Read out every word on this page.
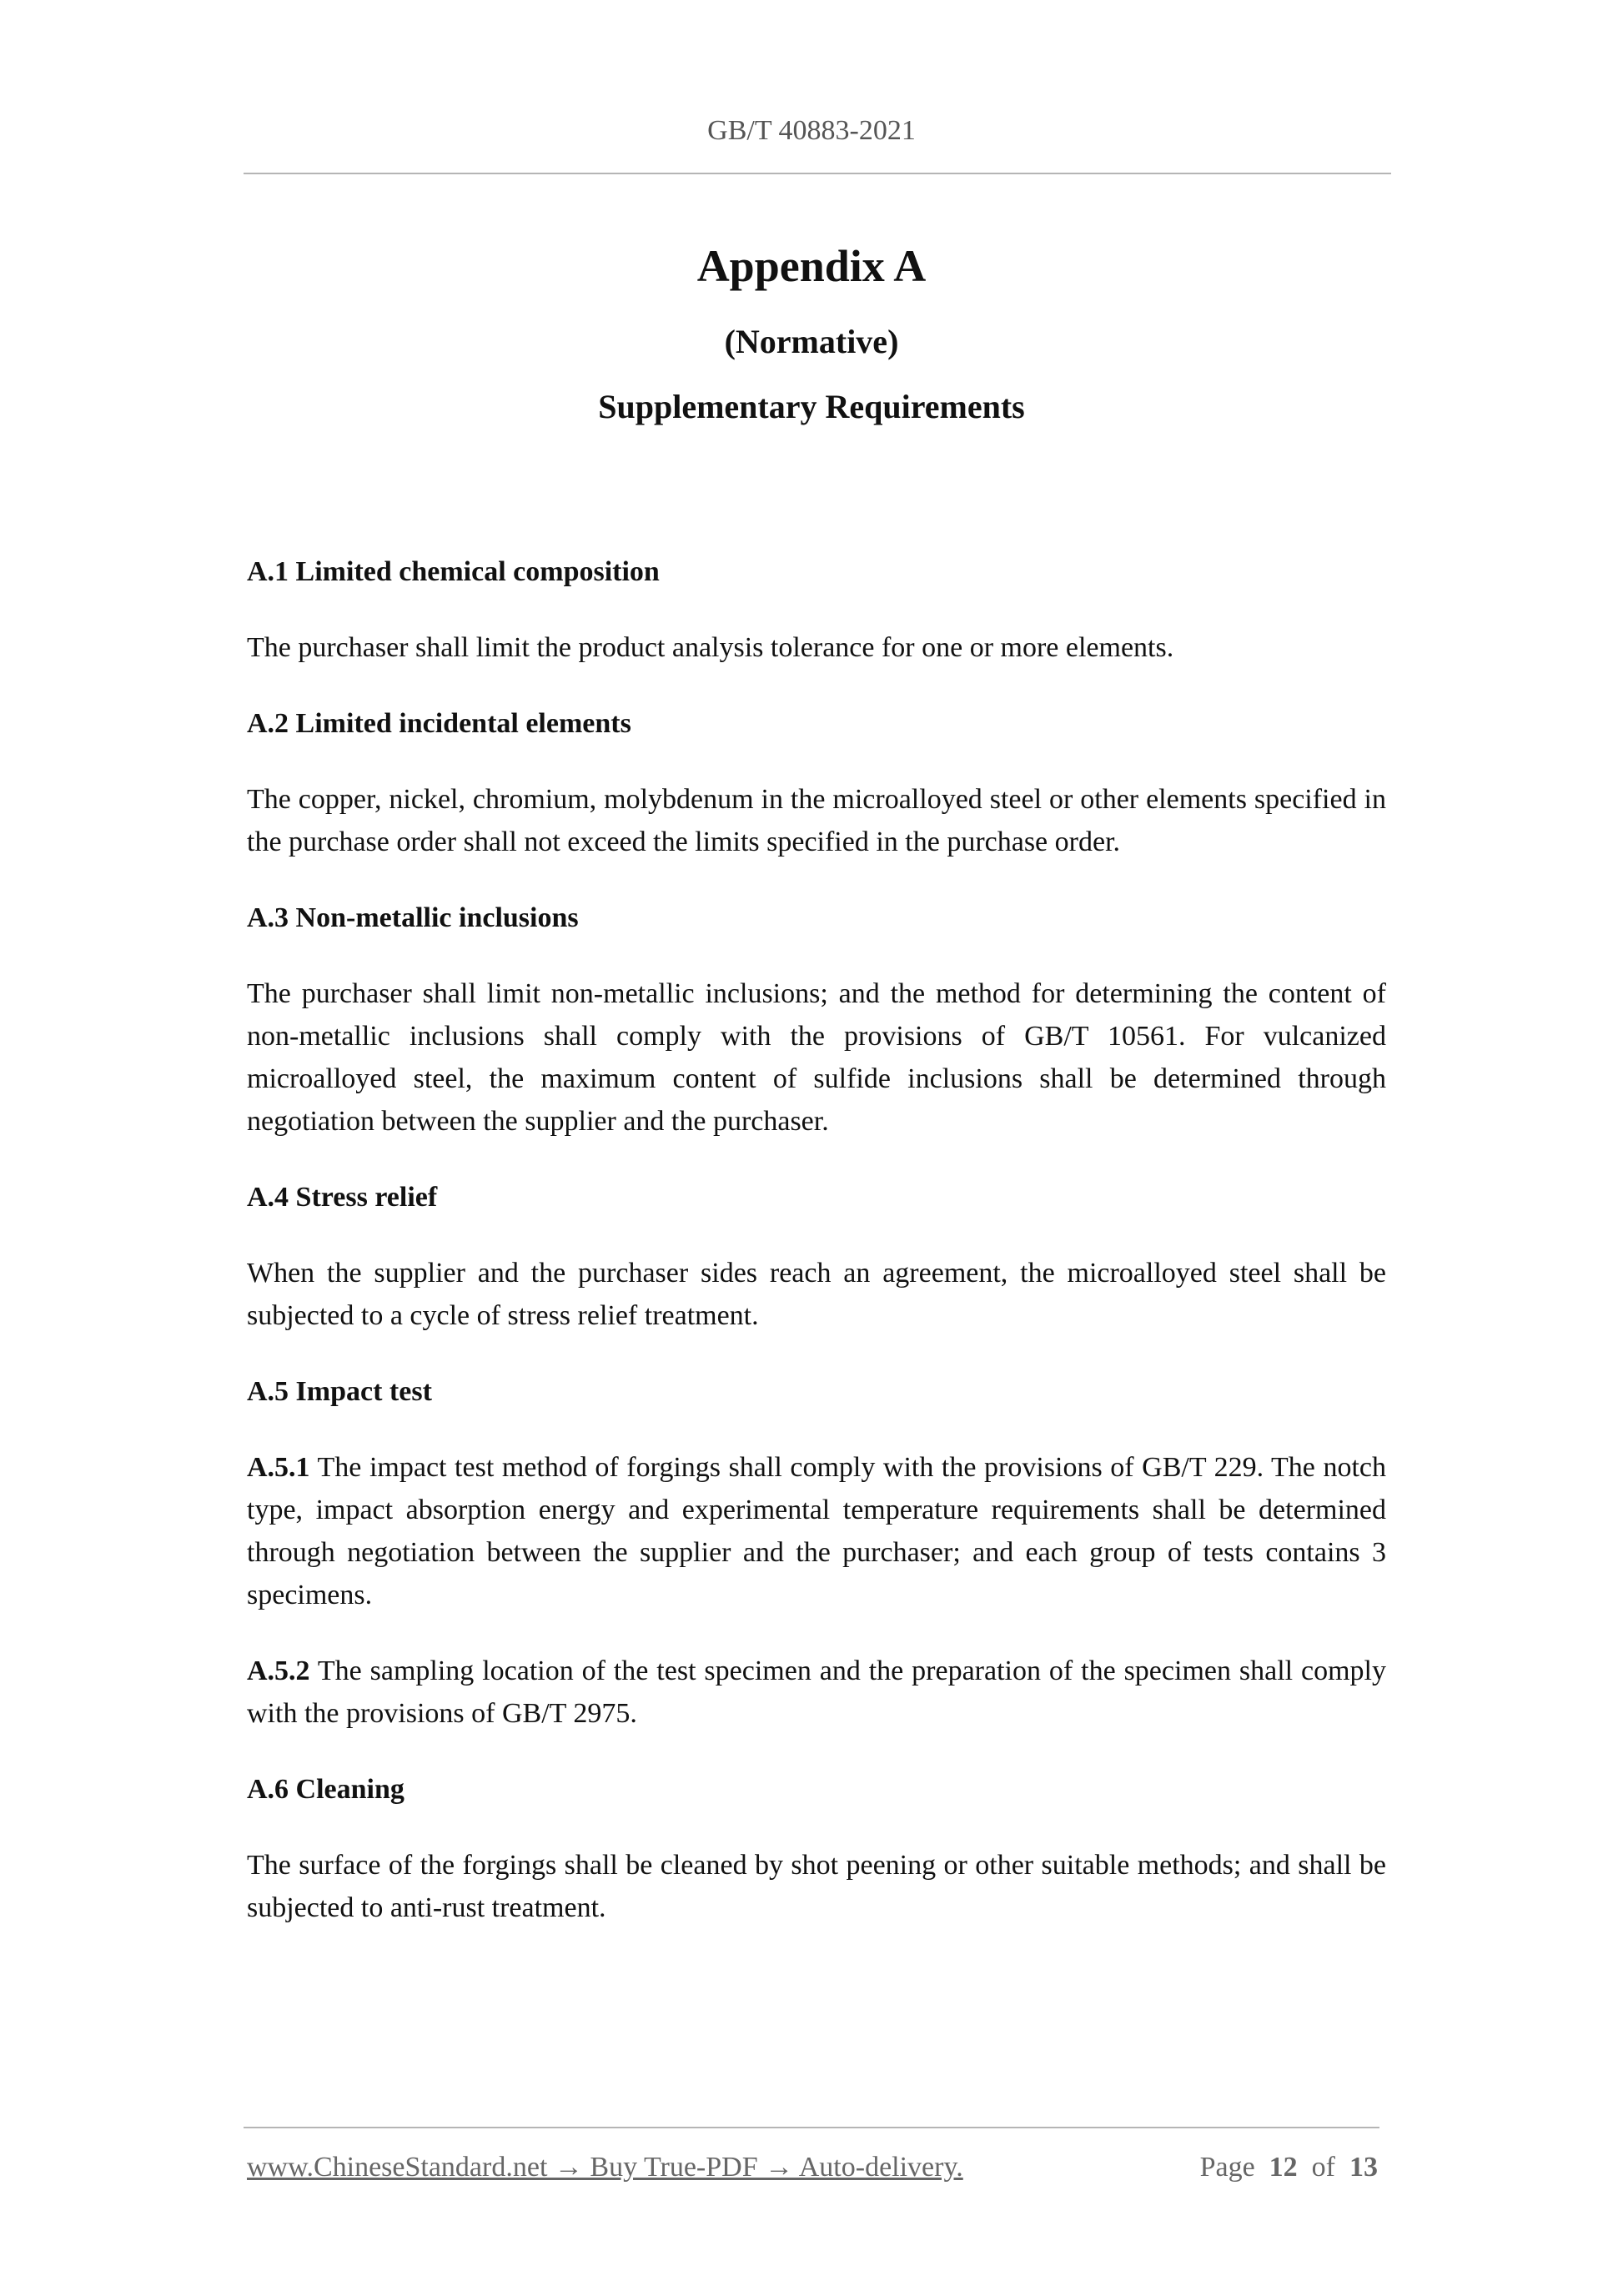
GB/T 40883-2021
Appendix A
(Normative)
Supplementary Requirements

A.1 Limited chemical composition

The purchaser shall limit the product analysis tolerance for one or more elements.

A.2 Limited incidental elements

The copper, nickel, chromium, molybdenum in the microalloyed steel or other elements specified in the purchase order shall not exceed the limits specified in the purchase order.

A.3 Non-metallic inclusions

The purchaser shall limit non-metallic inclusions; and the method for determining the content of non-metallic inclusions shall comply with the provisions of GB/T 10561. For vulcanized microalloyed steel, the maximum content of sulfide inclusions shall be determined through negotiation between the supplier and the purchaser.

A.4 Stress relief

When the supplier and the purchaser sides reach an agreement, the microalloyed steel shall be subjected to a cycle of stress relief treatment.

A.5 Impact test

A.5.1 The impact test method of forgings shall comply with the provisions of GB/T 229. The notch type, impact absorption energy and experimental temperature requirements shall be determined through negotiation between the supplier and the purchaser; and each group of tests contains 3 specimens.

A.5.2 The sampling location of the test specimen and the preparation of the specimen shall comply with the provisions of GB/T 2975.

A.6 Cleaning

The surface of the forgings shall be cleaned by shot peening or other suitable methods; and shall be subjected to anti-rust treatment.

www.ChineseStandard.net → Buy True-PDF → Auto-delivery.	Page 12 of 13
